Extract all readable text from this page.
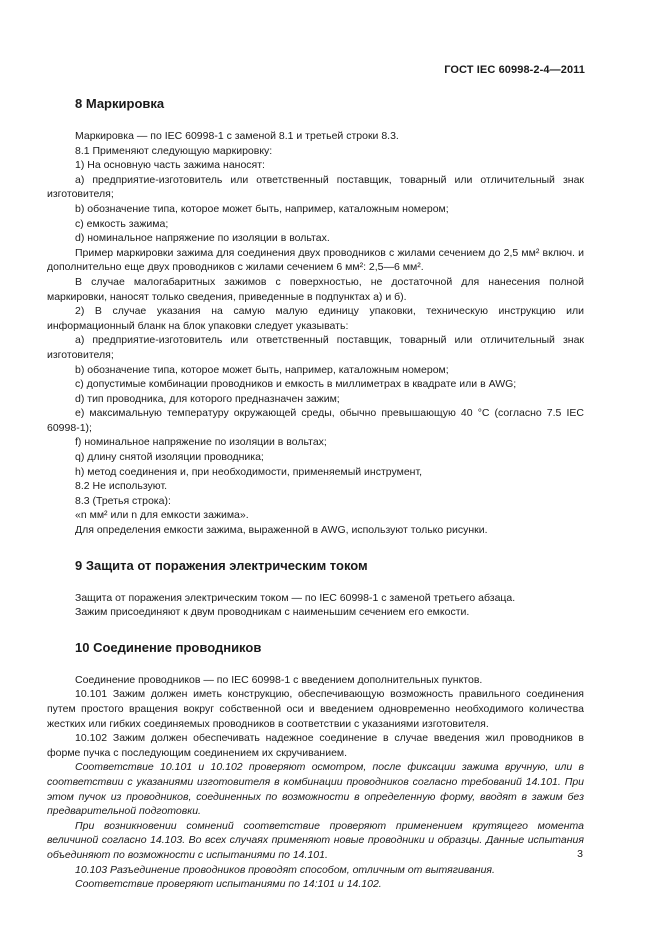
ГОСТ IEC 60998-2-4—2011
8 Маркировка

Маркировка — по IEC 60998-1 с заменой 8.1 и третьей строки 8.3.

8.1 Применяют следующую маркировку:

1) На основную часть зажима наносят:

a) предприятие-изготовитель или ответственный поставщик, товарный или отличительный знак изготовителя;

b) обозначение типа, которое может быть, например, каталожным номером;

c) емкость зажима;

d) номинальное напряжение по изоляции в вольтах.

Пример маркировки зажима для соединения двух проводников с жилами сечением до 2,5 мм² включ. и дополнительно еще двух проводников с жилами сечением 6 мм²: 2,5—6 мм².

В случае малогабаритных зажимов с поверхностью, не достаточной для нанесения полной маркировки, наносят только сведения, приведенные в подпунктах а) и б).

2) В случае указания на самую малую единицу упаковки, техническую инструкцию или информационный бланк на блок упаковки следует указывать:

a) предприятие-изготовитель или ответственный поставщик, товарный или отличительный знак изготовителя;

b) обозначение типа, которое может быть, например, каталожным номером;

c) допустимые комбинации проводников и емкость в миллиметрах в квадрате или в AWG;

d) тип проводника, для которого предназначен зажим;

e) максимальную температуру окружающей среды, обычно превышающую 40 °С (согласно 7.5 IEC 60998-1);

f) номинальное напряжение по изоляции в вольтах;

q) длину снятой изоляции проводника;

h) метод соединения и, при необходимости, применяемый инструмент,

8.2 Не используют.

8.3 (Третья строка):

«n мм² или n для емкости зажима».

Для определения емкости зажима, выраженной в AWG, используют только рисунки.

9 Защита от поражения электрическим током

Защита от поражения электрическим током — по IEC 60998-1 с заменой третьего абзаца.

Зажим присоединяют к двум проводникам с наименьшим сечением его емкости.

10 Соединение проводников

Соединение проводников — по IEC 60998-1 с введением дополнительных пунктов.

10.101 Зажим должен иметь конструкцию, обеспечивающую возможность правильного соединения путем простого вращения вокруг собственной оси и введением одновременно необходимого количества жестких или гибких соединяемых проводников в соответствии с указаниями изготовителя.

10.102 Зажим должен обеспечивать надежное соединение в случае введения жил проводников в форме пучка с последующим соединением их скручиванием.

Соответствие 10.101 и 10.102 проверяют осмотром, после фиксации зажима вручную, или в соответствии с указаниями изготовителя в комбинации проводников согласно требований 14.101. При этом пучок из проводников, соединенных по возможности в определенную форму, вводят в зажим без предварительной подготовки.

При возникновении сомнений соответствие проверяют применением крутящего момента величиной согласно 14.103. Во всех случаях применяют новые проводники и образцы. Данные испытания объединяют по возможности с испытаниями по 14.101.

10.103 Разъединение проводников проводят способом, отличным от вытягивания.

Соответствие проверяют испытаниями по 14:101 и 14.102.

3
